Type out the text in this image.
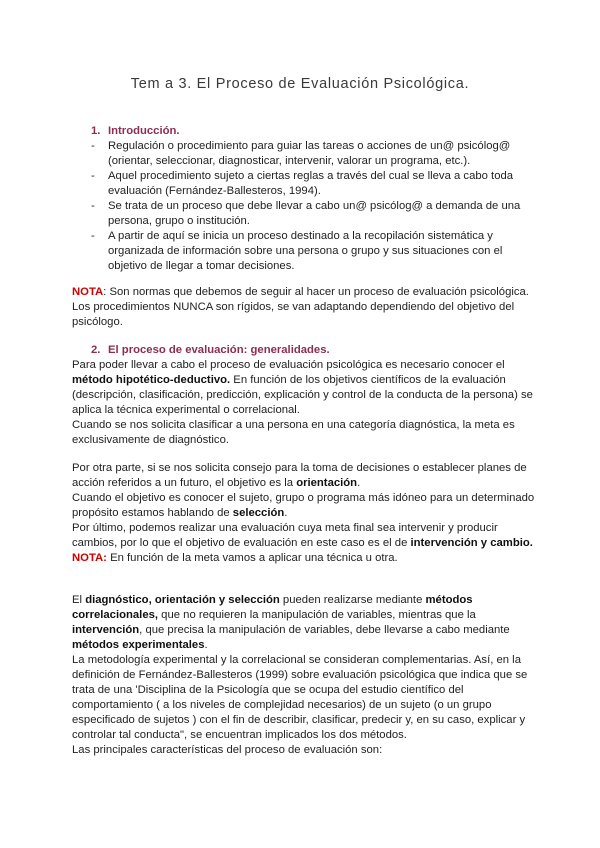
Tem a 3. El Proceso de Evaluación Psicológica.
1. Introducción.
- Regulación o procedimiento para guiar las tareas o acciones de un@ psicólog@
(orientar, seleccionar, diagnosticar, intervenir, valorar un programa, etc.).
- Aquel procedimiento sujeto a ciertas reglas a través del cual se lleva a cabo toda
evaluación (Fernández-Ballesteros, 1994).
- Se trata de un proceso que debe llevar a cabo un@ psicólog@ a demanda de una
persona, grupo o institución.
- A partir de aquí se inicia un proceso destinado a la recopilación sistemática y
organizada de información sobre una persona o grupo y sus situaciones con el
objetivo de llegar a tomar decisiones.
NOTA: Son normas que debemos de seguir al hacer un proceso de evaluación psicológica.
Los procedimientos NUNCA son rígidos, se van adaptando dependiendo del objetivo del
psicólogo.
2. El proceso de evaluación: generalidades.
Para poder llevar a cabo el proceso de evaluación psicológica es necesario conocer el
método hipotético-deductivo. En función de los objetivos científicos de la evaluación
(descripción, clasificación, predicción, explicación y control de la conducta de la persona) se
aplica la técnica experimental o correlacional.
Cuando se nos solicita clasificar a una persona en una categoría diagnóstica, la meta es
exclusivamente de diagnóstico.
Por otra parte, si se nos solicita consejo para la toma de decisiones o establecer planes de
acción referidos a un futuro, el objetivo es la orientación.
Cuando el objetivo es conocer el sujeto, grupo o programa más idóneo para un determinado
propósito estamos hablando de selección.
Por último, podemos realizar una evaluación cuya meta final sea intervenir y producir
cambios, por lo que el objetivo de evaluación en este caso es el de intervención y cambio.
NOTA: En función de la meta vamos a aplicar una técnica u otra.
El diagnóstico, orientación y selección pueden realizarse mediante métodos
correlacionales, que no requieren la manipulación de variables, mientras que la
intervención, que precisa la manipulación de variables, debe llevarse a cabo mediante
métodos experimentales.
La metodología experimental y la correlacional se consideran complementarias. Así, en la
definición de Fernández-Ballesteros (1999) sobre evaluación psicológica que indica que se
trata de una 'Disciplina de la Psicología que se ocupa del estudio científico del
comportamiento ( a los niveles de complejidad necesarios) de un sujeto (o un grupo
especificado de sujetos ) con el fin de describir, clasificar, predecir y, en su caso, explicar y
controlar tal conducta", se encuentran implicados los dos métodos.
Las principales características del proceso de evaluación son:
